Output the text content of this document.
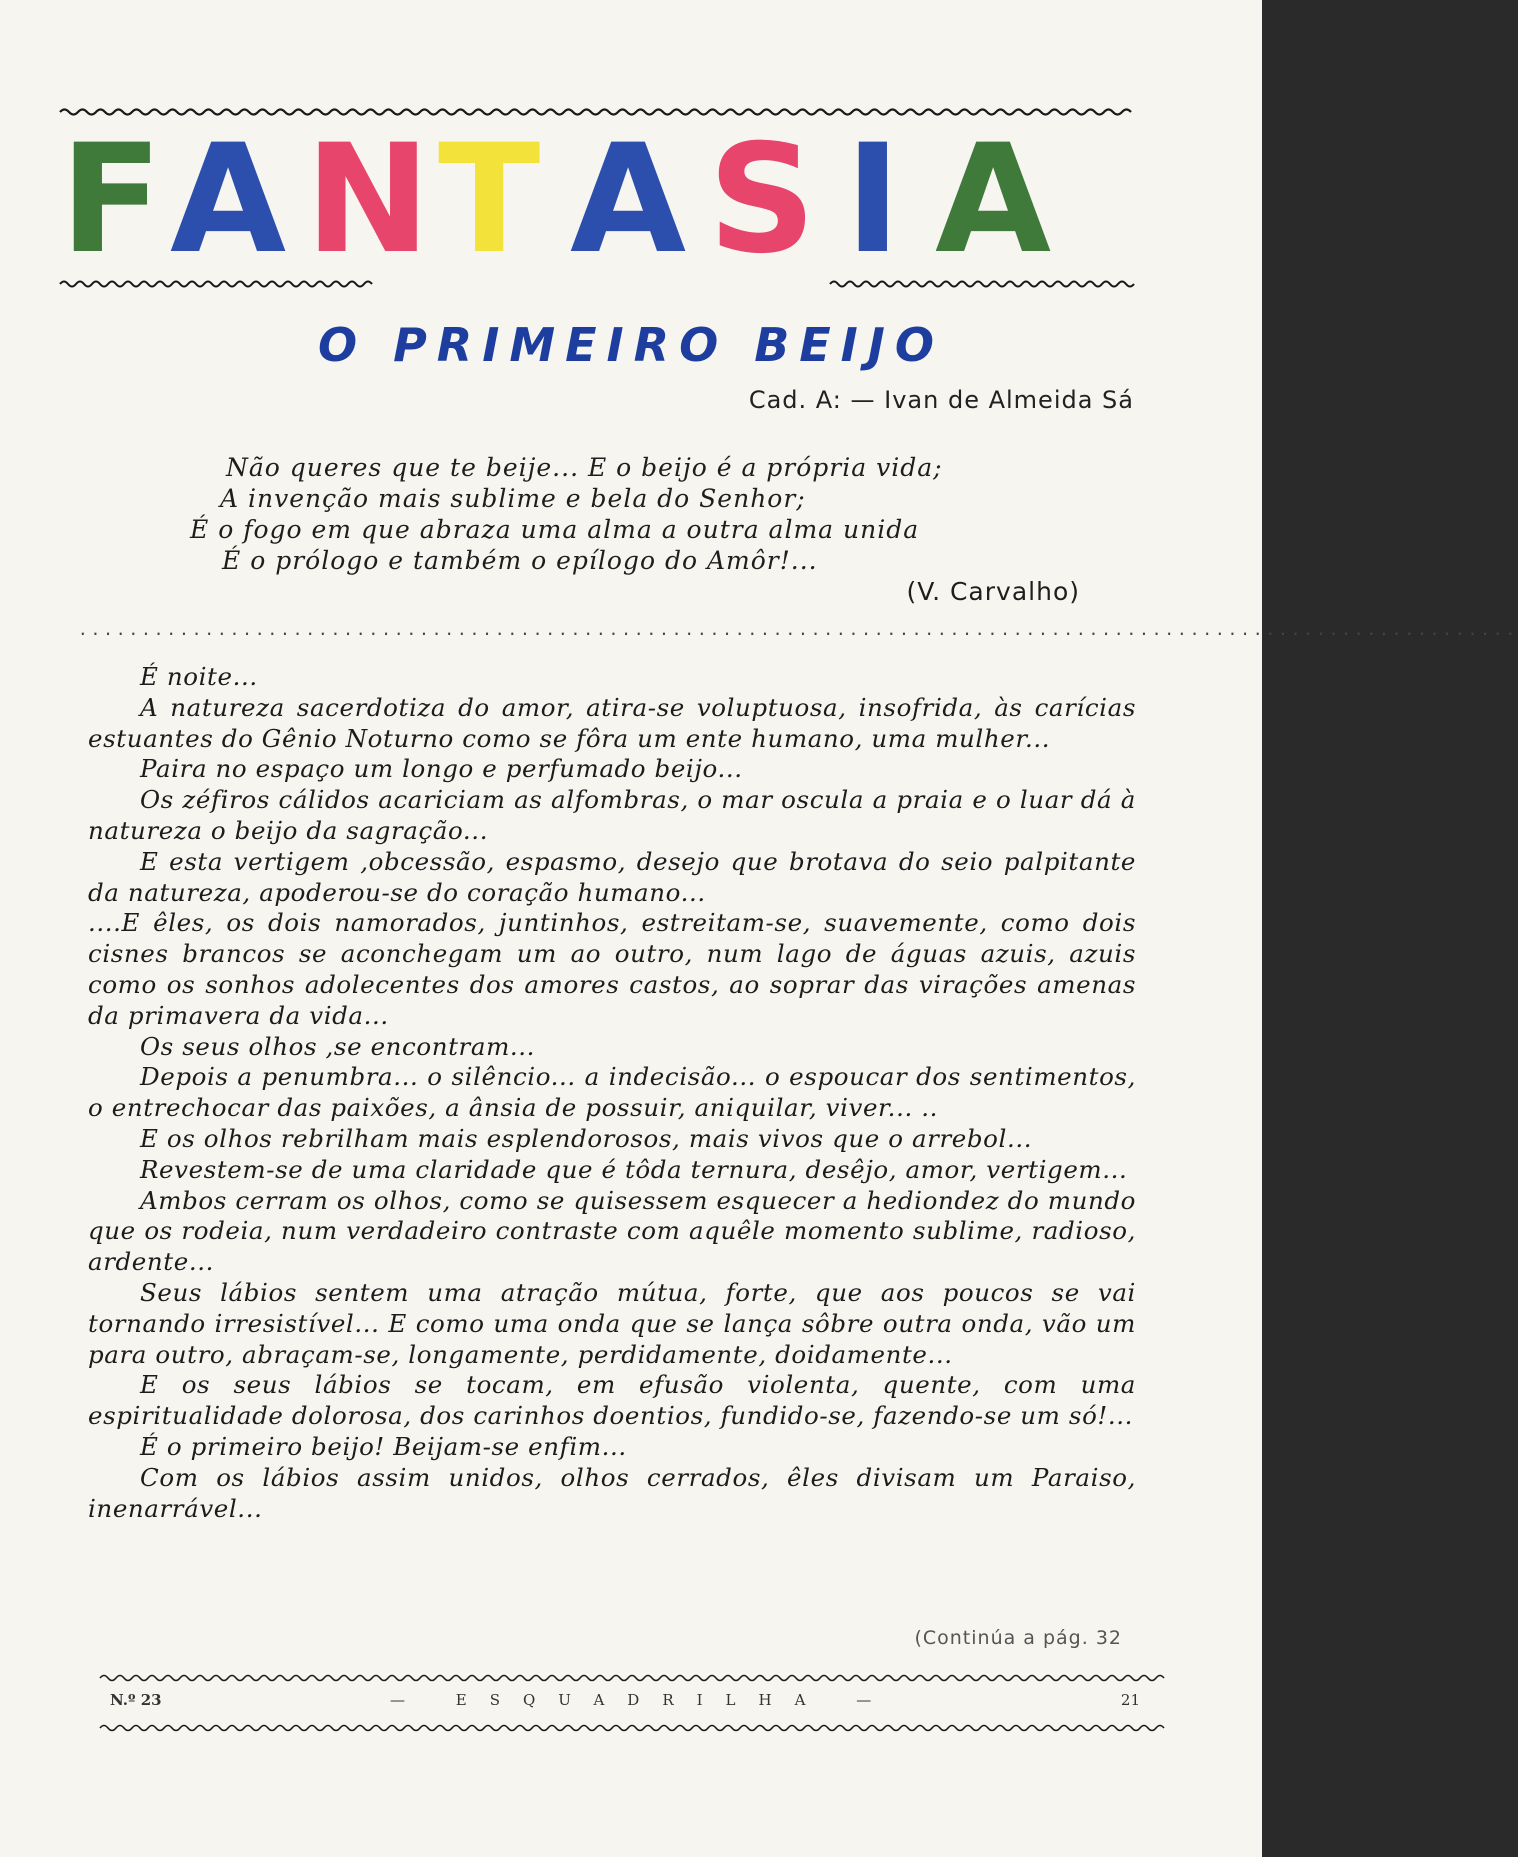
F A N T A S I A
O PRIMEIRO BEIJO
Cad. A: — Ivan de Almeida Sá
Não queres que te beije... E o beijo é a própria vida;
A invenção mais sublime e bela do Senhor;
É o fogo em que abraza uma alma a outra alma unida
É o prólogo e também o epílogo do Amôr!...
(V. Carvalho)
..................................................................................................................

É noite...

A natureza sacerdotiza do amor, atira-se voluptuosa, insofrida, às carícias estuantes do Gênio Noturno como se fôra um ente humano, uma mulher...

Paira no espaço um longo e perfumado beijo...

Os zéfiros cálidos acariciam as alfombras, o mar oscula a praia e o luar dá à natureza o beijo da sagração...

E esta vertigem ,obcessão, espasmo, desejo que brotava do seio palpitante da natureza, apoderou-se do coração humano...

....E êles, os dois namorados, juntinhos, estreitam-se, suavemente, como dois cisnes brancos se aconchegam um ao outro, num lago de águas azuis, azuis como os sonhos adolecentes dos amores castos, ao soprar das virações amenas da primavera da vida...

Os seus olhos ,se encontram...

Depois a penumbra... o silêncio... a indecisão... o espoucar dos sentimentos, o entrechocar das paixões, a ânsia de possuir, aniquilar, viver... ..

E os olhos rebrilham mais esplendorosos, mais vivos que o arrebol...

Revestem-se de uma claridade que é tôda ternura, desêjo, amor, vertigem...

Ambos cerram os olhos, como se quisessem esquecer a hediondez do mundo que os rodeia, num verdadeiro contraste com aquêle momento sublime, radioso, ardente...

Seus lábios sentem uma atração mútua, forte, que aos poucos se vai tornando irresistível... E como uma onda que se lança sôbre outra onda, vão um para outro, abraçam-se, longamente, perdidamente, doidamente...

E os seus lábios se tocam, em efusão violenta, quente, com uma espiritualidade dolorosa, dos carinhos doentios, fundido-se, fazendo-se um só!...

É o primeiro beijo! Beijam-se enfim...

Com os lábios assim unidos, olhos cerrados, êles divisam um Paraiso, inenarrável...

(Continúa a pág. 32
N.º 23	— ESQUADRILHA —	21
